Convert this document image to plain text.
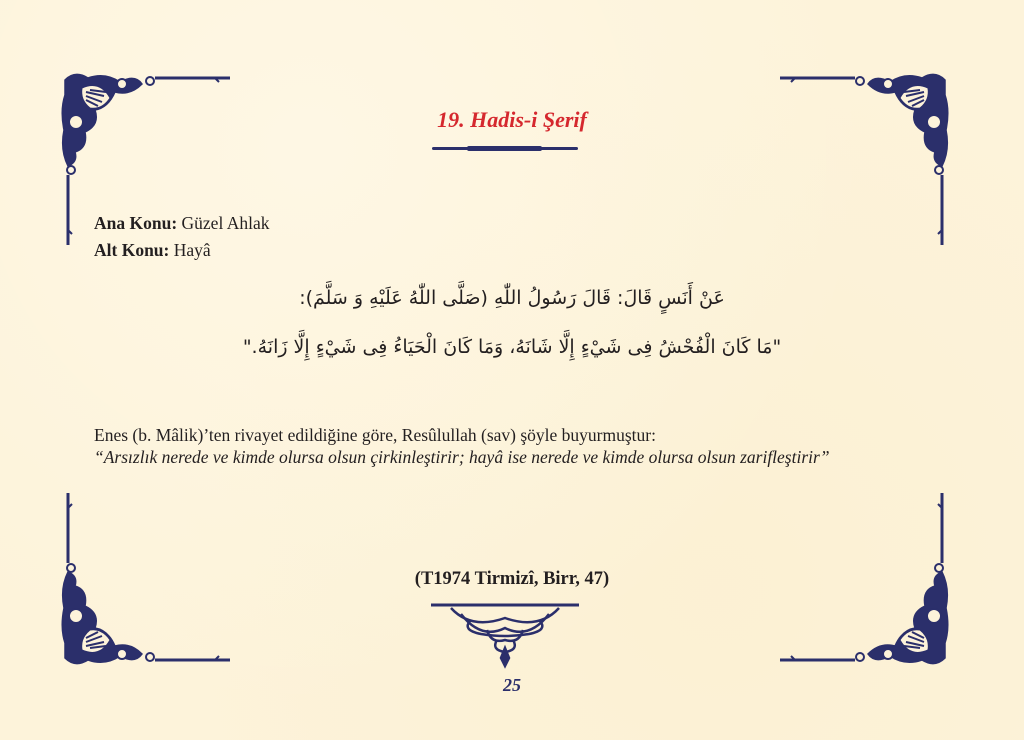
19. Hadis-i Şerif
Ana Konu: Güzel Ahlak
Alt Konu: Hayâ
عَنْ أَنَسٍ قَالَ: قَالَ رَسُولُ اللّٰهِ (صَلَّى اللّٰهُ عَلَيْهِ وَ سَلَّمَ):
"مَا كَانَ الْفُحْشُ فِى شَيْءٍ إِلَّا شَانَهُ، وَمَا كَانَ الْحَيَاءُ فِى شَيْءٍ إِلَّا زَانَهُ."
Enes (b. Mâlik)’ten rivayet edildiğine göre, Resûlullah (sav) şöyle buyurmuştur:
“Arsızlık nerede ve kimde olursa olsun çirkinleştirir; hayâ ise nerede ve kimde olursa olsun zarifleştirir”
(T1974 Tirmizî, Birr, 47)
25
